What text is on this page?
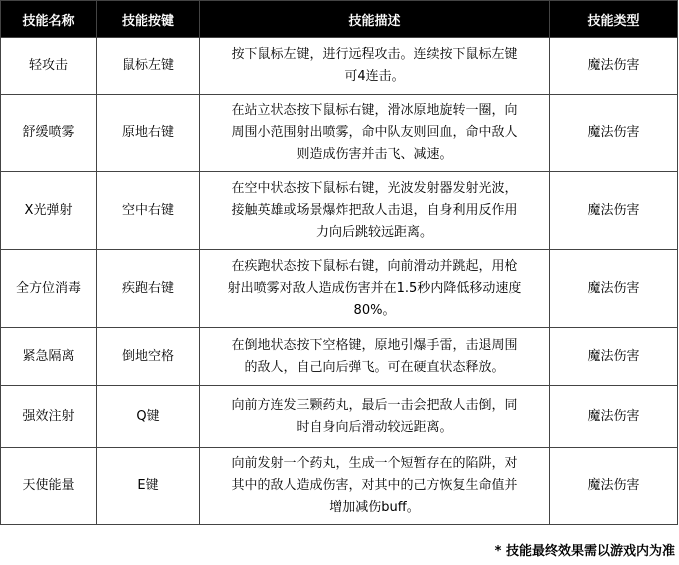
技能名称	技能按键	技能描述	技能类型
轻攻击	鼠标左键	按下鼠标左键，进行远程攻击。连续按下鼠标左键
可4连击。	魔法伤害
舒缓喷雾	原地右键	在站立状态按下鼠标右键，滑冰原地旋转一圈，向
周围小范围射出喷雾，命中队友则回血，命中敌人
则造成伤害并击飞、减速。	魔法伤害
X光弹射	空中右键	在空中状态按下鼠标右键，光波发射器发射光波，
接触英雄或场景爆炸把敌人击退，自身利用反作用
力向后跳较远距离。	魔法伤害
全方位消毒	疾跑右键	在疾跑状态按下鼠标右键，向前滑动并跳起，用枪
射出喷雾对敌人造成伤害并在1.5秒内降低移动速度
80%。	魔法伤害
紧急隔离	倒地空格	在倒地状态按下空格键，原地引爆手雷，击退周围
的敌人，自己向后弹飞。可在硬直状态释放。	魔法伤害
强效注射	Q键	向前方连发三颗药丸，最后一击会把敌人击倒，同
时自身向后滑动较远距离。	魔法伤害
天使能量	E键	向前发射一个药丸，生成一个短暂存在的陷阱，对
其中的敌人造成伤害，对其中的己方恢复生命值并
增加减伤buff。	魔法伤害
* 技能最终效果需以游戏内为准
